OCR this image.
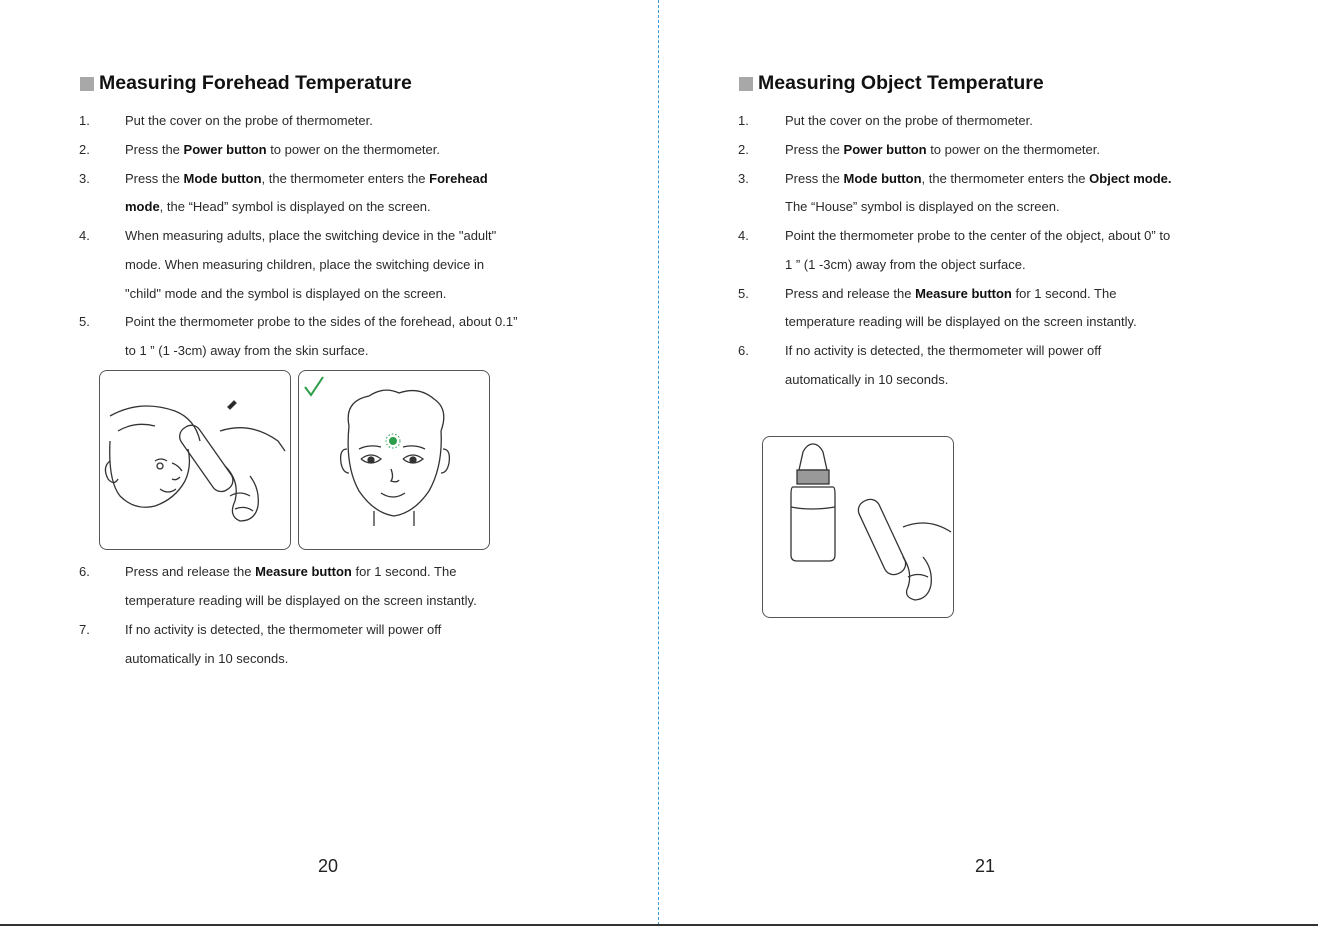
Measuring Forehead Temperature
1.	Put the cover on the probe of thermometer.
2.	Press the Power button to power on the thermometer.
3.	Press the Mode button, the thermometer enters the Forehead
mode, the “Head” symbol is displayed on the screen.
4.	When measuring adults, place the switching device in the "adult"
mode. When measuring children, place the switching device in
"child" mode and the symbol is displayed on the screen.
5.	Point the thermometer probe to the sides of the forehead, about 0.1”
to 1 ” (1 -3cm) away from the skin surface.
6.	Press and release the Measure button for 1 second. The
temperature reading will be displayed on the screen instantly.
7.	If no activity is detected, the thermometer will power off
automatically in 10 seconds.
20
Measuring Object Temperature
1.	Put the cover on the probe of thermometer.
2.	Press the Power button to power on the thermometer.
3.	Press the Mode button, the thermometer enters the Object mode.
The “House” symbol is displayed on the screen.
4.	Point the thermometer probe to the center of the object, about 0” to
1 ” (1 -3cm) away from the object surface.
5.	Press and release the Measure button for 1 second. The
temperature reading will be displayed on the screen instantly.
6.	If no activity is detected, the thermometer will power off
automatically in 10 seconds.
21
